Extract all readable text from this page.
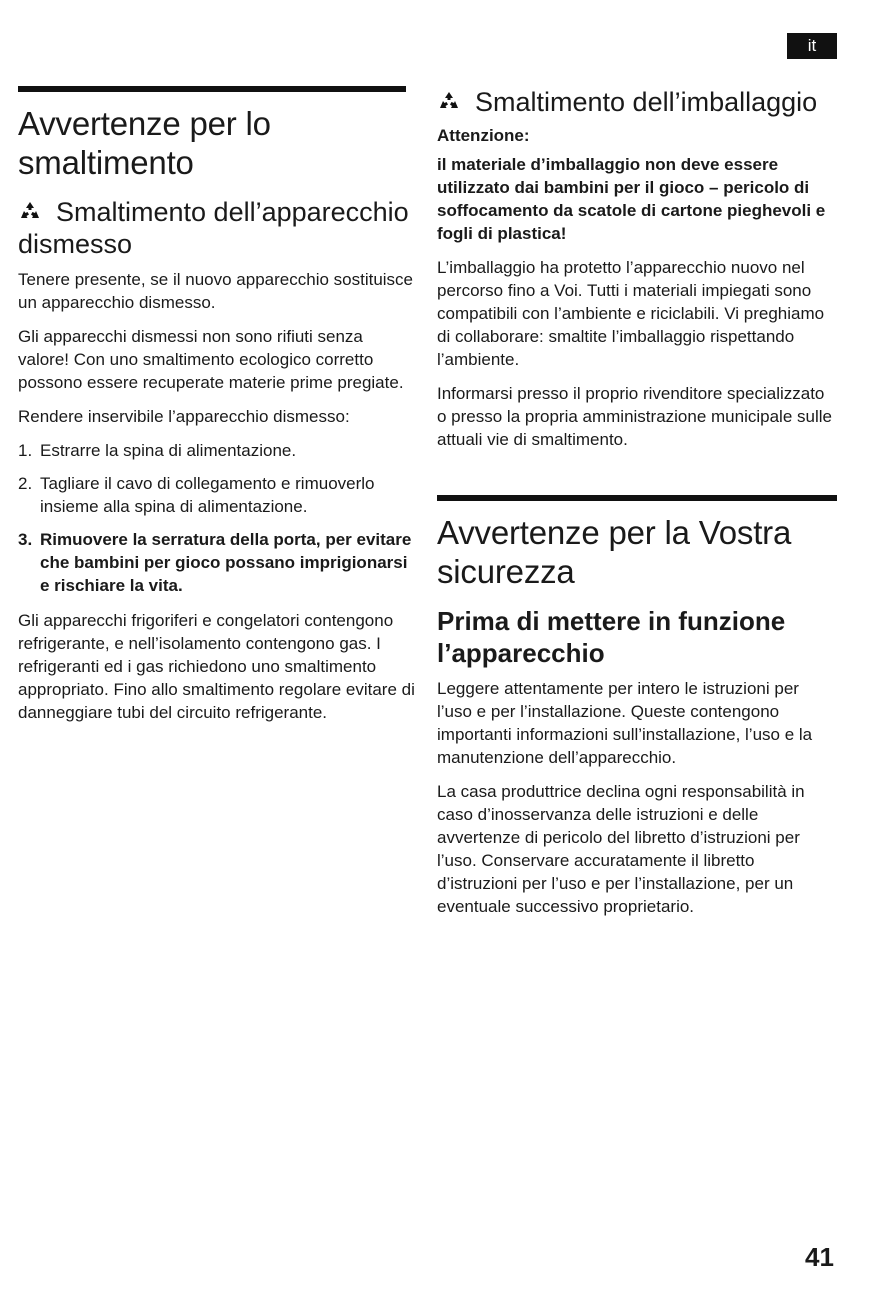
it
Avvertenze per lo smaltimento
Smaltimento dell’apparecchio dismesso

Tenere presente, se il nuovo apparecchio sostituisce un apparecchio dismesso.

Gli apparecchi dismessi non sono rifiuti senza valore! Con uno smaltimento ecologico corretto possono essere recuperate materie prime pregiate.

Rendere inservibile l’apparecchio dismesso:

1. Estrarre la spina di alimentazione.
2. Tagliare il cavo di collegamento e rimuoverlo insieme alla spina di alimentazione.
3. Rimuovere la serratura della porta, per evitare che bambini per gioco possano imprigionarsi e rischiare la vita.

Gli apparecchi frigoriferi e congelatori contengono refrigerante, e nell’isolamento contengono gas. I refrigeranti ed i gas richiedono uno smaltimento appropriato. Fino allo smaltimento regolare evitare di danneggiare tubi del circuito refrigerante.

Smaltimento dell’imballaggio
Attenzione:

il materiale d’imballaggio non deve essere utilizzato dai bambini per il gioco – pericolo di soffocamento da scatole di cartone pieghevoli e fogli di plastica!

L’imballaggio ha protetto l’apparecchio nuovo nel percorso fino a Voi. Tutti i materiali impiegati sono compatibili con l’ambiente e riciclabili. Vi preghiamo di collaborare: smaltite l’imballaggio rispettando l’ambiente.

Informarsi presso il proprio rivenditore specializzato o presso la propria amministrazione municipale sulle attuali vie di smaltimento.

Avvertenze per la Vostra sicurezza
Prima di mettere in funzione l’apparecchio

Leggere attentamente per intero le istruzioni per l’uso e per l’installazione. Queste contengono importanti informazioni sull’installazione, l’uso e la manutenzione dell’apparecchio.

La casa produttrice declina ogni responsabilità in caso d’inosservanza delle istruzioni e delle avvertenze di pericolo del libretto d’istruzioni per l’uso. Conservare accuratamente il libretto d’istruzioni per l’uso e per l’installazione, per un eventuale successivo proprietario.

41
